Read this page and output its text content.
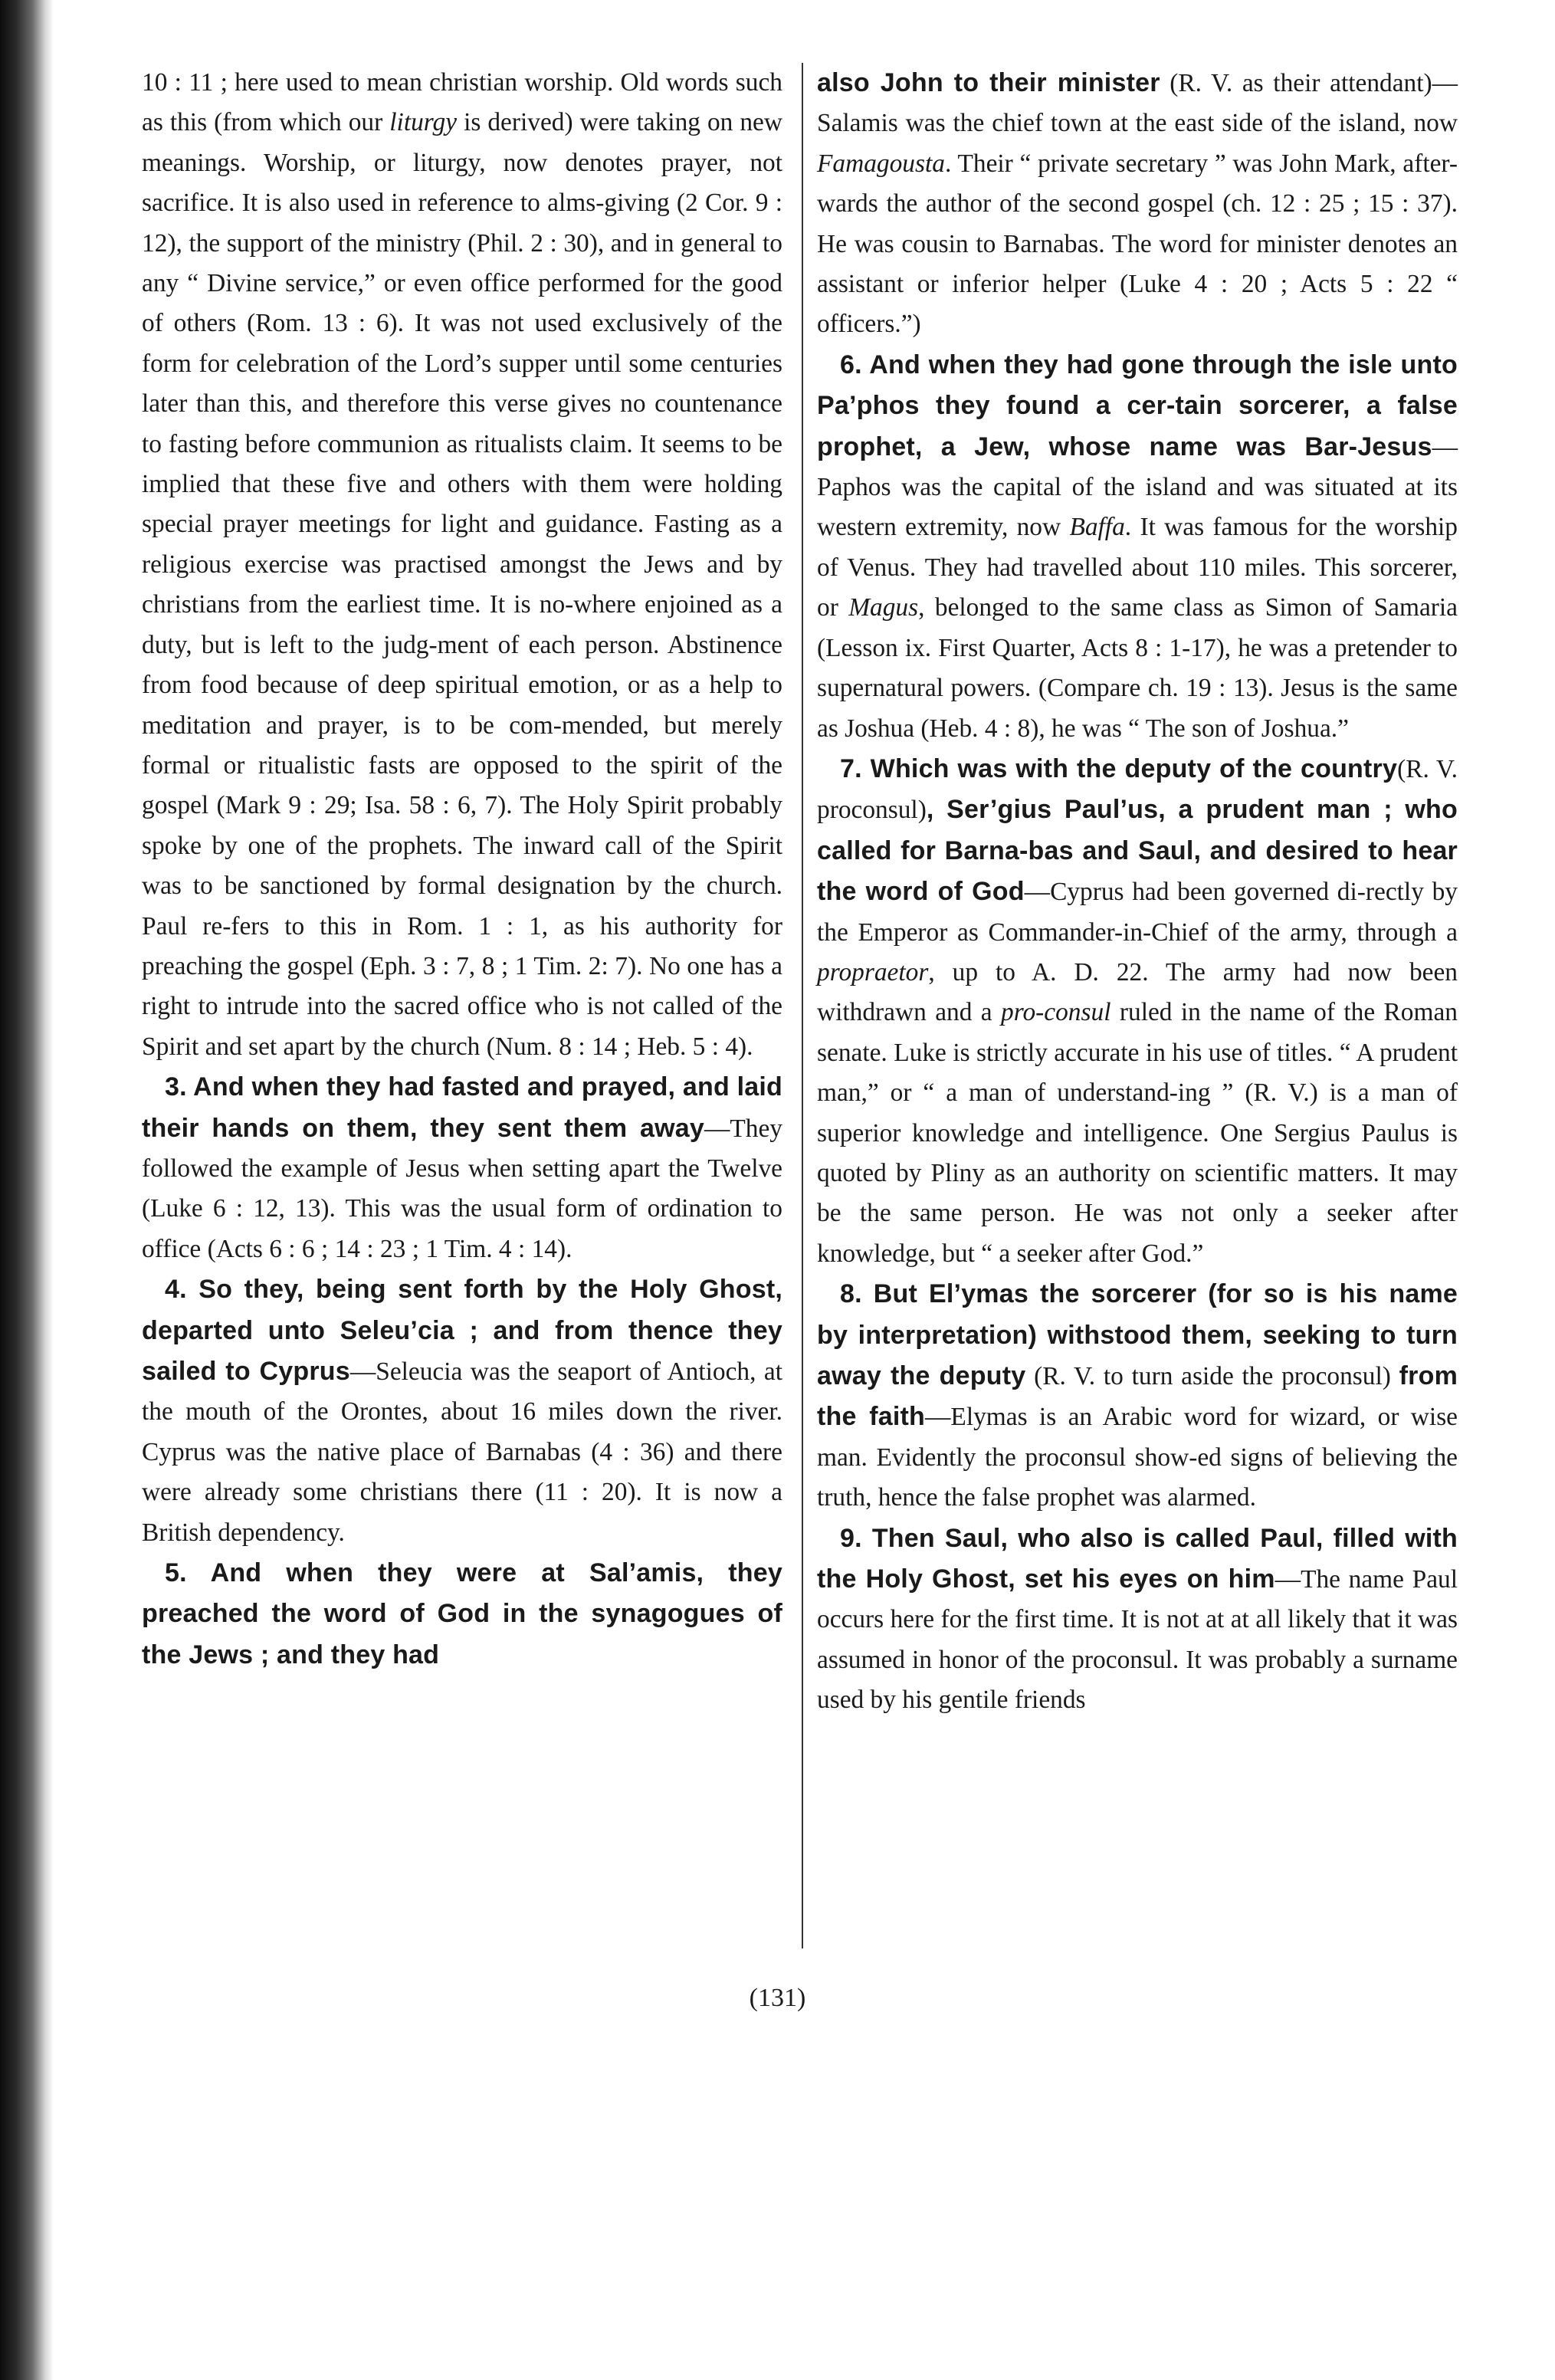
10 : 11 ; here used to mean christian worship. Old words such as this (from which our liturgy is derived) were taking on new meanings. Worship, or liturgy, now denotes prayer, not sacrifice. It is also used in reference to alms-giving (2 Cor. 9 : 12), the support of the ministry (Phil. 2 : 30), and in general to any “ Divine service,” or even office performed for the good of others (Rom. 13 : 6). It was not used exclusively of the form for celebration of the Lord’s supper until some centuries later than this, and therefore this verse gives no countenance to fasting before communion as ritualists claim. It seems to be implied that these five and others with them were holding special prayer meetings for light and guidance. Fasting as a religious exercise was practised amongst the Jews and by christians from the earliest time. It is no-where enjoined as a duty, but is left to the judg-ment of each person. Abstinence from food because of deep spiritual emotion, or as a help to meditation and prayer, is to be com-mended, but merely formal or ritualistic fasts are opposed to the spirit of the gospel (Mark 9 : 29; Isa. 58 : 6, 7). The Holy Spirit probably spoke by one of the prophets. The inward call of the Spirit was to be sanctioned by formal designation by the church. Paul re-fers to this in Rom. 1 : 1, as his authority for preaching the gospel (Eph. 3 : 7, 8 ; 1 Tim. 2: 7). No one has a right to intrude into the sacred office who is not called of the Spirit and set apart by the church (Num. 8 : 14 ; Heb. 5 : 4).

3. And when they had fasted and prayed, and laid their hands on them, they sent them away—They followed the example of Jesus when setting apart the Twelve (Luke 6 : 12, 13). This was the usual form of ordination to office (Acts 6 : 6 ; 14 : 23 ; 1 Tim. 4 : 14).

4. So they, being sent forth by the Holy Ghost, departed unto Seleu’cia ; and from thence they sailed to Cyprus—Seleucia was the seaport of Antioch, at the mouth of the Orontes, about 16 miles down the river. Cyprus was the native place of Barnabas (4 : 36) and there were already some christians there (11 : 20). It is now a British dependency.

5. And when they were at Sal’amis, they preached the word of God in the synagogues of the Jews ; and they had

also John to their minister (R. V. as their attendant)—Salamis was the chief town at the east side of the island, now Famagousta. Their “ private secretary ” was John Mark, after-wards the author of the second gospel (ch. 12 : 25 ; 15 : 37). He was cousin to Barnabas. The word for minister denotes an assistant or inferior helper (Luke 4 : 20 ; Acts 5 : 22 “ officers.”)

6. And when they had gone through the isle unto Pa’phos they found a cer-tain sorcerer, a false prophet, a Jew, whose name was Bar-Jesus—Paphos was the capital of the island and was situated at its western extremity, now Baffa. It was famous for the worship of Venus. They had travelled about 110 miles. This sorcerer, or Magus, belonged to the same class as Simon of Samaria (Lesson ix. First Quarter, Acts 8 : 1-17), he was a pretender to supernatural powers. (Compare ch. 19 : 13). Jesus is the same as Joshua (Heb. 4 : 8), he was “ The son of Joshua.”

7. Which was with the deputy of the country(R. V. proconsul), Ser’gius Paul’us, a prudent man ; who called for Barna-bas and Saul, and desired to hear the word of God—Cyprus had been governed di-rectly by the Emperor as Commander-in-Chief of the army, through a propraetor, up to A. D. 22. The army had now been withdrawn and a pro-consul ruled in the name of the Roman senate. Luke is strictly accurate in his use of titles. “ A prudent man,” or “ a man of understand-ing ” (R. V.) is a man of superior knowledge and intelligence. One Sergius Paulus is quoted by Pliny as an authority on scientific matters. It may be the same person. He was not only a seeker after knowledge, but “ a seeker after God.”

8. But El’ymas the sorcerer (for so is his name by interpretation) withstood them, seeking to turn away the deputy (R. V. to turn aside the proconsul) from the faith—Elymas is an Arabic word for wizard, or wise man. Evidently the proconsul show-ed signs of believing the truth, hence the false prophet was alarmed.

9. Then Saul, who also is called Paul, filled with the Holy Ghost, set his eyes on him—The name Paul occurs here for the first time. It is not at at all likely that it was assumed in honor of the proconsul. It was probably a surname used by his gentile friends

(131)
